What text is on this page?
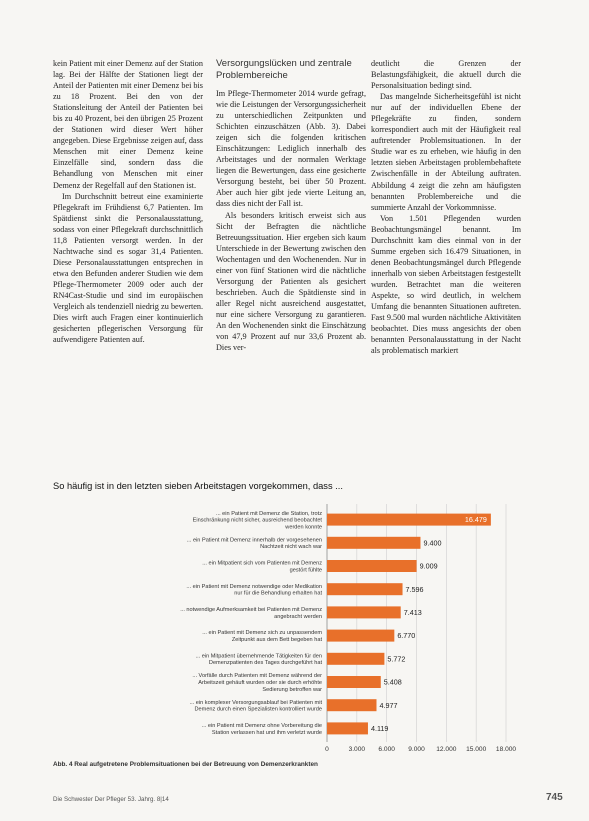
kein Patient mit einer Demenz auf der Station lag. Bei der Hälfte der Stationen liegt der Anteil der Patienten mit einer Demenz bei bis zu 18 Prozent. Bei den von der Stationsleitung der Anteil der Patienten bei bis zu 40 Prozent, bei den übrigen 25 Prozent der Stationen wird dieser Wert höher angegeben. Diese Ergebnisse zeigen auf, dass Menschen mit einer Demenz keine Einzelfälle sind, sondern dass die Behandlung von Menschen mit einer Demenz der Regelfall auf den Stationen ist.

Im Durchschnitt betreut eine examinierte Pflegekraft im Frühdienst 6,7 Patienten. Im Spätdienst sinkt die Personalausstattung, sodass von einer Pflegekraft durchschnittlich 11,8 Patienten versorgt werden. In der Nachtwache sind es sogar 31,4 Patienten. Diese Personalausstattungen entsprechen in etwa den Befunden anderer Studien wie dem Pflege-Thermometer 2009 oder auch der RN4Cast-Studie und sind im europäischen Vergleich als tendenziell niedrig zu bewerten. Dies wirft auch Fragen einer kontinuierlich gesicherten pflegerischen Versorgung für aufwendigere Patienten auf.

Versorgungslücken und zentrale Problembereiche

Im Pflege-Thermometer 2014 wurde gefragt, wie die Leistungen der Versorgungssicherheit zu unterschiedlichen Zeitpunkten und Schichten einzuschätzen (Abb. 3). Dabei zeigen sich die folgenden kritischen Einschätzungen: Lediglich innerhalb des Arbeitstages und der normalen Werktage liegen die Bewertungen, dass eine gesicherte Versorgung besteht, bei über 50 Prozent. Aber auch hier gibt jede vierte Leitung an, dass dies nicht der Fall ist.

Als besonders kritisch erweist sich aus Sicht der Befragten die nächtliche Betreuungssituation. Hier ergeben sich kaum Unterschiede in der Bewertung zwischen den Wochentagen und den Wochenenden. Nur in einer von fünf Stationen wird die nächtliche Versorgung der Patienten als gesichert beschrieben. Auch die Spätdienste sind in aller Regel nicht ausreichend ausgestattet, nur eine sichere Versorgung zu garantieren. An den Wochenenden sinkt die Einschätzung von 47,9 Prozent auf nur 33,6 Prozent ab. Dies ver-

deutlicht die Grenzen der Belastungsfähigkeit, die aktuell durch die Personalsituation bedingt sind.

Das mangelnde Sicherheitsgefühl ist nicht nur auf der individuellen Ebene der Pflegekräfte zu finden, sondern korrespondiert auch mit der Häufigkeit real auftretender Problemsituationen. In der Studie war es zu erheben, wie häufig in den letzten sieben Arbeitstagen problembehaftete Zwischenfälle in der Abteilung auftraten. Abbildung 4 zeigt die zehn am häufigsten benannten Problembereiche und die summierte Anzahl der Vorkommnisse.

Von 1.501 Pflegenden wurden Beobachtungsmängel benannt. Im Durchschnitt kam dies einmal von in der Summe ergeben sich 16.479 Situationen, in denen Beobachtungsmängel durch Pflegende innerhalb von sieben Arbeitstagen festgestellt wurden. Betrachtet man die weiteren Aspekte, so wird deutlich, in welchem Umfang die benannten Situationen auftreten. Fast 9.500 mal wurden nächtliche Aktivitäten beobachtet. Dies muss angesichts der oben benannten Personalausstattung in der Nacht als problematisch markiert

So häufig ist in den letzten sieben Arbeitstagen vorgekommen, dass ...
0	3.000 6.000 9.000 12.000 15.000 18.000
16.479
... ein Patient mit Demenz die Station, trotz Einschränkung nicht sicher, ausreichend beobachtet werden konnte
9.400
... ein Patient mit Demenz innerhalb der vorgesehenen Nachtzeit nicht wach war
9.009
... ein Mitpatient sich vom Patienten mit Demenz gestört fühlte
7.596
... ein Patient mit Demenz notwendige oder Medikation nur für die Behandlung erhalten hat
7.413
... notwendige Aufmerksamkeit bei Patienten mit Demenz angebracht werden
6.770
... ein Patient mit Demenz sich zu unpassendem Zeitpunkt aus dem Bett begeben hat
5.772
... ein Mitpatient übernehmende Tätigkeiten für den Demenzpatienten des Tages durchgeführt hat
5.408
... Vorfälle durch Patienten mit Demenz während der Arbeitszeit gehäuft wurden oder sie durch erhöhte Sedierung betroffen war
4.977
... ein komplexer Versorgungsablauf bei Patienten mit Demenz durch einen Spezialisten kontrolliert wurde
4.119
... ein Patient mit Demenz ohne Vorbereitung die Station verlassen hat und ihm verletzt wurde
Abb. 4 Real aufgetretene Problemsituationen bei der Betreuung von Demenzerkrankten
Die Schwester Der Pfleger 53. Jahrg. 8|14	745
